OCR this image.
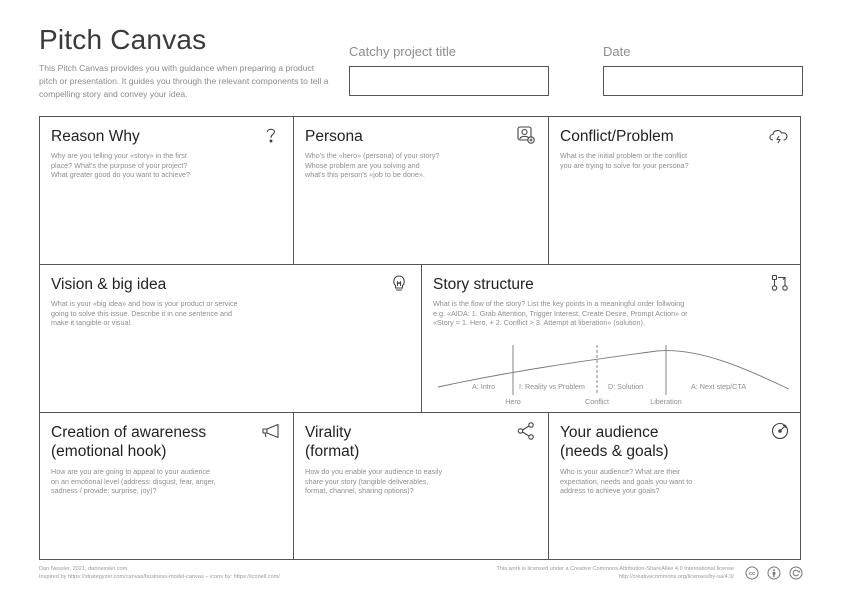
Pitch Canvas
This Pitch Canvas provides you with guidance when preparing a product pitch or presentation. It guides you through the relevant components to tell a compelling story and convey your idea.
Catchy project title	Date
Reason Why
Why are you telling your «story» in the first
place? What's the purpose of your project?
What greater good do you want to achieve?
Persona
Who's the «hero» (persona) of your story?
Whose problem are you solving and
what's this person's «job to be done».
Conflict/Problem
What is the initial problem or the conflict
you are trying to solve for your persona?
Vision & big idea
What is your «big idea» and how is your product or service
going to solve this issue. Describe it in one sentence and
make it tangible or visual.
Story structure
What is the flow of the story? List the key points in a meaningful order follwoing
e.g. «AIDA: 1. Grab Attention, Trigger Interest, Create Desire, Prompt Action» or
«Story = 1. Hero, + 2. Conflict > 3. Attempt at liberation» (solution).
A: Intro	I: Reality vs Problem	D: Solution	A: Next step/CTA
Hero	Conflict	Liberation
Creation of awareness
(emotional hook)
How are you are going to appeal to your audience
on an emotional level (address: disgust, fear, anger,
sadness / provide: surprise, joy)?
Virality
(format)
How do you enable your audience to easily
share your story (tangible deliverables,
format, channel, sharing options)?
Your audience
(needs & goals)
Who is your audience? What are their
expectation, needs and goals you want to
address to achieve your goals?
Dan Nessler, 2021, dannessler.com
Inspired by https://strategyzer.com/canvas/business-model-canvas – icons by: https://iconell.com/
This work is licensed under a Creative Commons Attribution-ShareAlike 4.0 International license
http://creativecommons.org/licenses/by-sa/4.0/	cc
